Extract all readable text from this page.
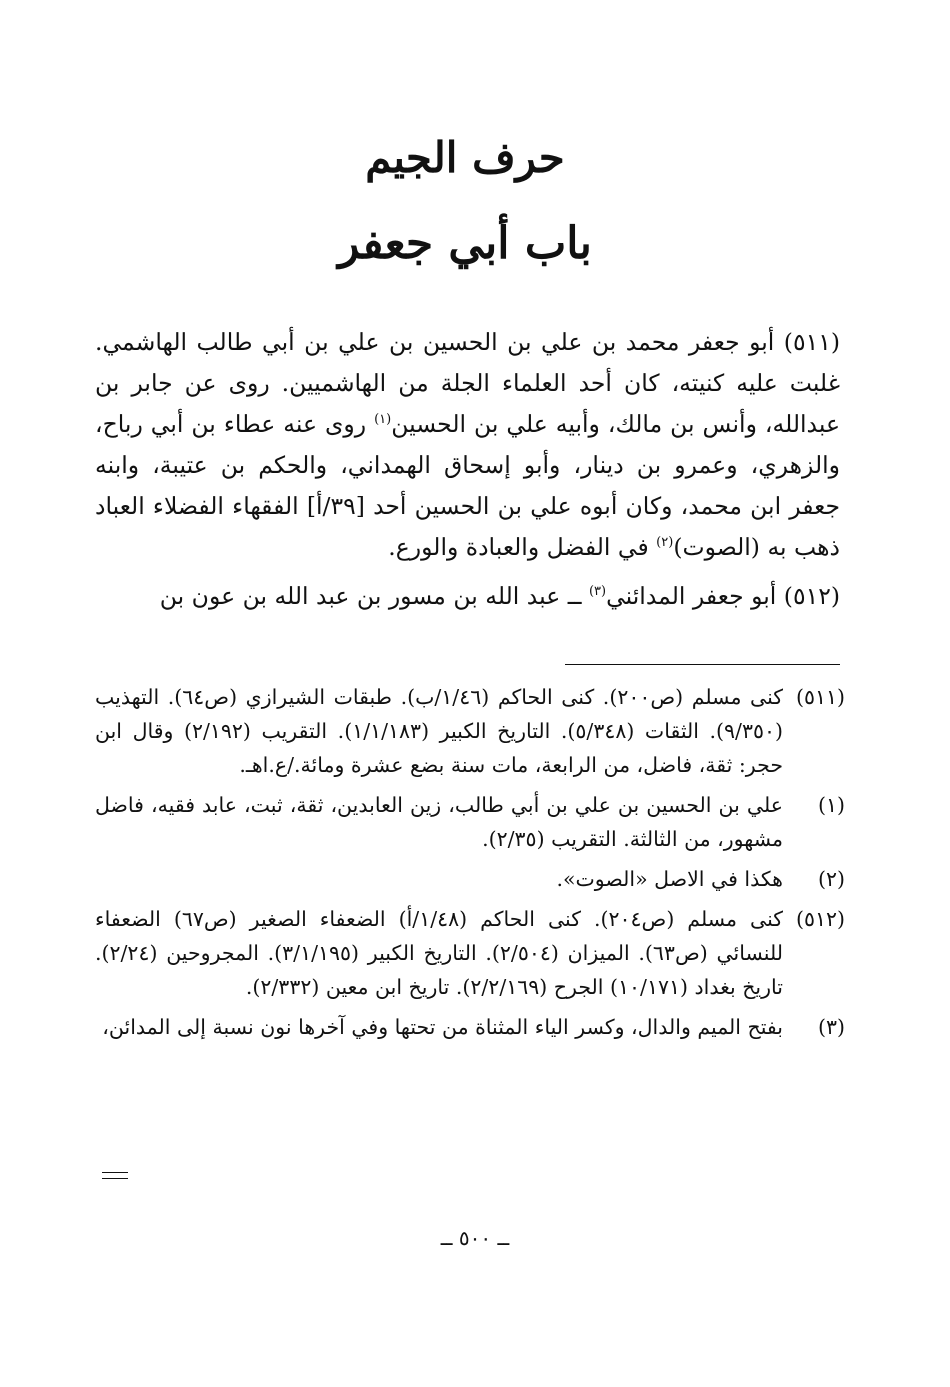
حرف الجيم
باب أبي جعفر

(٥١١) أبو جعفر محمد بن علي بن الحسين بن علي بن أبي طالب الهاشمي. غلبت عليه كنيته، كان أحد العلماء الجلة من الهاشميين. روى عن جابر بن عبدالله، وأنس بن مالك، وأبيه علي بن الحسين$^{(١)}$ روى عنه عطاء بن أبي رباح، والزهري، وعمرو بن دينار، وأبو إسحاق الهمداني، والحكم بن عتيبة، وابنه جعفر ابن محمد، وكان أبوه علي بن الحسين أحد [٣٩/أ] الفقهاء الفضلاء العباد ذهب به (الصوت)$^{(٢)}$ في الفضل والعبادة والورع.

(٥١٢) أبو جعفر المدائني$^{(٣)}$ ــ عبد الله بن مسور بن عبد الله بن عون بن

(٥١١)
كنى مسلم (ص٢٠٠). كنى الحاكم (١/٤٦/ب). طبقات الشيرازي (ص٦٤). التهذيب (٩/٣٥٠). الثقات (٥/٣٤٨). التاريخ الكبير (١/١/١٨٣). التقريب (٢/١٩٢) وقال ابن حجر: ثقة، فاضل، من الرابعة، مات سنة بضع عشرة ومائة./ع.اهـ.
(١)
علي بن الحسين بن علي بن أبي طالب، زين العابدين، ثقة، ثبت، عابد فقيه، فاضل مشهور، من الثالثة. التقريب (٢/٣٥).
(٢)
هكذا في الاصل «الصوت».
(٥١٢)
كنى مسلم (ص٢٠٤). كنى الحاكم (١/٤٨/أ) الضعفاء الصغير (ص٦٧) الضعفاء للنسائي (ص٦٣). الميزان (٢/٥٠٤). التاريخ الكبير (٣/١/١٩٥). المجروحين (٢/٢٤). تاريخ بغداد (١٠/١٧١) الجرح (٢/٢/١٦٩). تاريخ ابن معين (٢/٣٣٢).
(٣)
بفتح الميم والدال، وكسر الياء المثناة من تحتها وفي آخرها نون نسبة إلى المدائن،
ــ ٥٠٠ ــ
